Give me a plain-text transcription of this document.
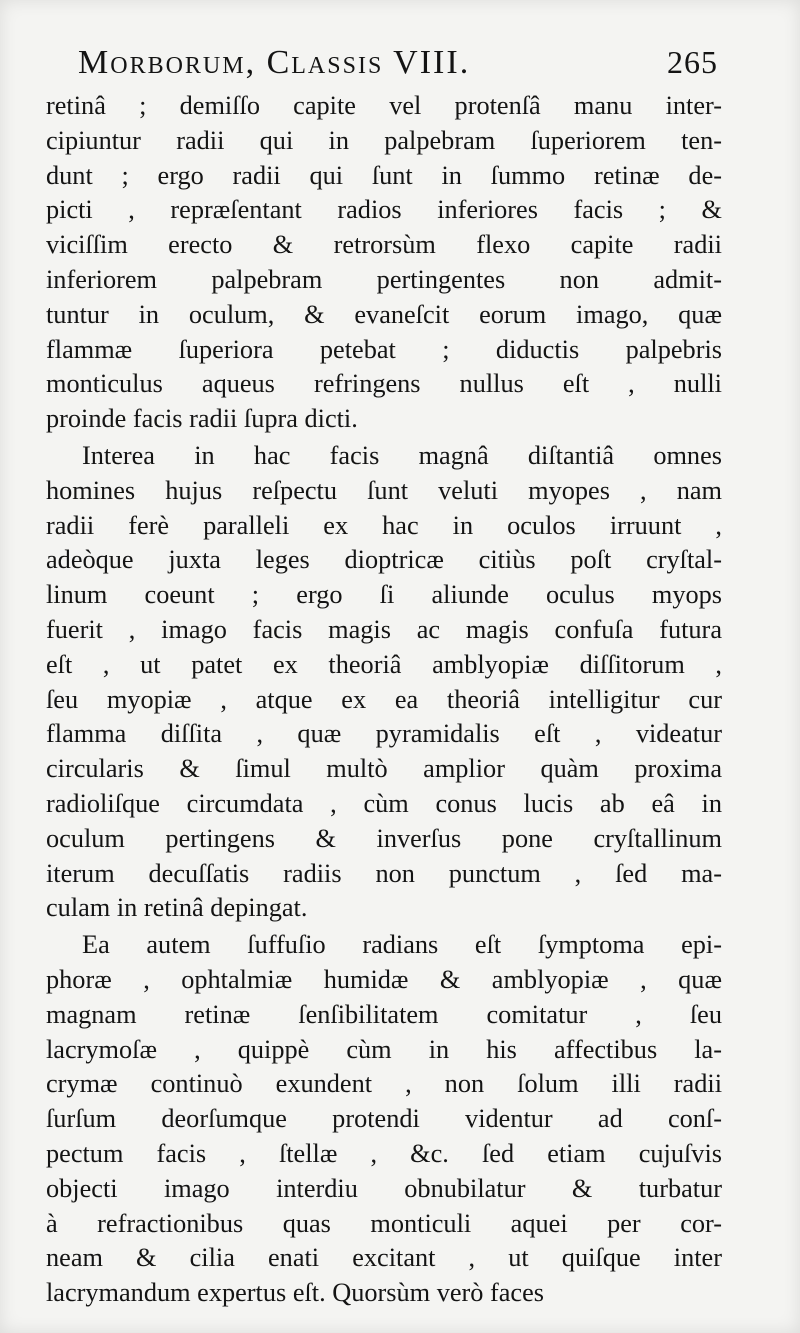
Morborum, Classis VIII.	265
retinâ ; demiſſo capite vel protenſâ manu inter-
cipiuntur radii qui in palpebram ſuperiorem ten-
dunt ; ergo radii qui ſunt in ſummo retinæ de-
picti , repræſentant radios inferiores facis ; &
viciſſim erecto & retrorsùm flexo capite radii
inferiorem palpebram pertingentes non admit-
tuntur in oculum, & evaneſcit eorum imago, quæ
flammæ ſuperiora petebat ; diductis palpebris
monticulus aqueus refringens nullus eſt , nulli
proinde facis radii ſupra dicti.
Interea in hac facis magnâ diſtantiâ omnes
homines hujus reſpectu ſunt veluti myopes , nam
radii ferè paralleli ex hac in oculos irruunt ,
adeòque juxta leges dioptricæ citiùs poſt cryſtal-
linum coeunt ; ergo ſi aliunde oculus myops
fuerit , imago facis magis ac magis confuſa futura
eſt , ut patet ex theoriâ amblyopiæ diſſitorum ,
ſeu myopiæ , atque ex ea theoriâ intelligitur cur
flamma diſſita , quæ pyramidalis eſt , videatur
circularis & ſimul multò amplior quàm proxima
radioliſque circumdata , cùm conus lucis ab eâ in
oculum pertingens & inverſus pone cryſtallinum
iterum decuſſatis radiis non punctum , ſed ma-
culam in retinâ depingat.
Ea autem ſuffuſio radians eſt ſymptoma epi-
phoræ , ophtalmiæ humidæ & amblyopiæ , quæ
magnam retinæ ſenſibilitatem comitatur , ſeu
lacrymoſæ , quippè cùm in his affectibus la-
crymæ continuò exundent , non ſolum illi radii
ſurſum deorſumque protendi videntur ad conſ-
pectum facis , ſtellæ , &c. ſed etiam cujuſvis
objecti imago interdiu obnubilatur & turbatur
à refractionibus quas monticuli aquei per cor-
neam & cilia enati excitant , ut quiſque inter
lacrymandum expertus eſt. Quorsùm verò faces
